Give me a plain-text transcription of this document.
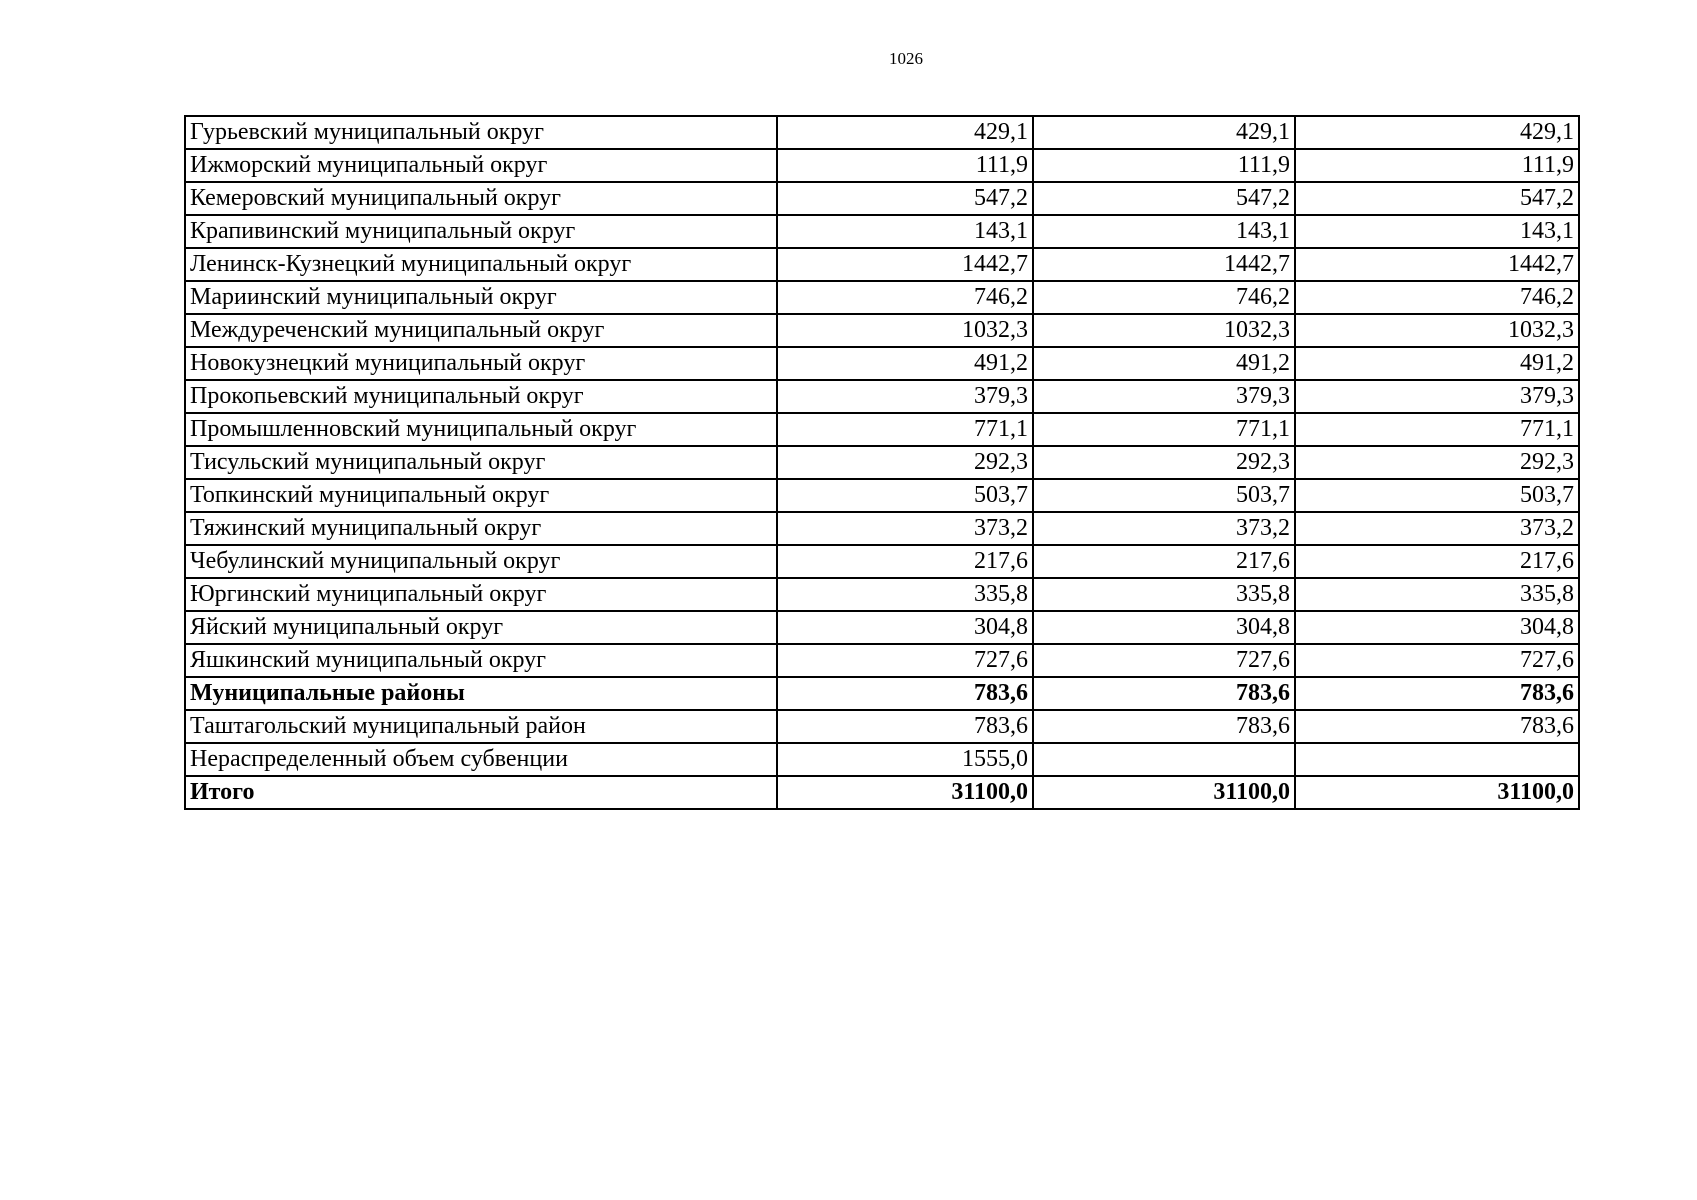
1026
Гурьевский муниципальный округ	429,1	429,1	429,1
Ижморский муниципальный округ	111,9	111,9	111,9
Кемеровский муниципальный округ	547,2	547,2	547,2
Крапивинский муниципальный округ	143,1	143,1	143,1
Ленинск-Кузнецкий муниципальный округ	1442,7	1442,7	1442,7
Мариинский муниципальный округ	746,2	746,2	746,2
Междуреченский муниципальный округ	1032,3	1032,3	1032,3
Новокузнецкий муниципальный округ	491,2	491,2	491,2
Прокопьевский муниципальный округ	379,3	379,3	379,3
Промышленновский муниципальный округ	771,1	771,1	771,1
Тисульский муниципальный округ	292,3	292,3	292,3
Топкинский муниципальный округ	503,7	503,7	503,7
Тяжинский муниципальный округ	373,2	373,2	373,2
Чебулинский муниципальный округ	217,6	217,6	217,6
Юргинский муниципальный округ	335,8	335,8	335,8
Яйский муниципальный округ	304,8	304,8	304,8
Яшкинский муниципальный округ	727,6	727,6	727,6
Муниципальные районы	783,6	783,6	783,6
Таштагольский муниципальный район	783,6	783,6	783,6
Нераспределенный объем субвенции	1555,0		
Итого	31100,0	31100,0	31100,0
